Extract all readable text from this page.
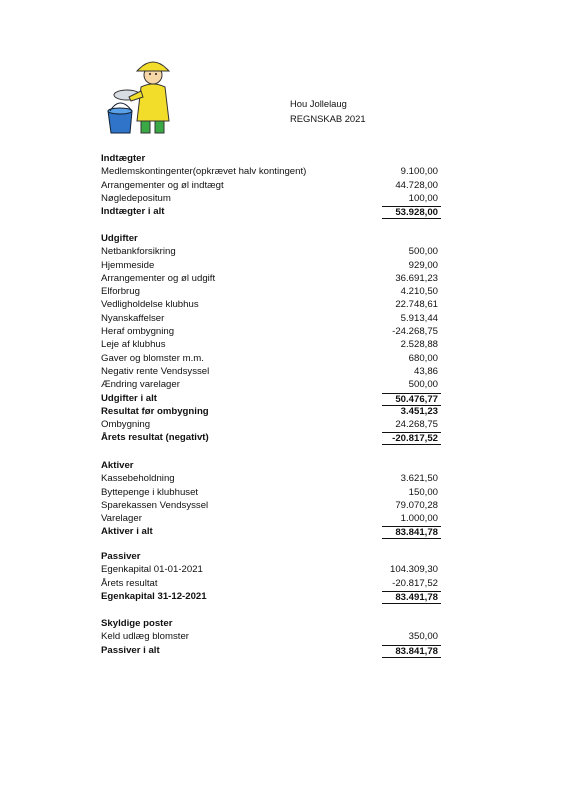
Hou Jollelaug
REGNSKAB 2021
Indtægter
Medlemskontingenter(opkrævet halv kontingent)	9.100,00
Arrangementer og øl indtægt	44.728,00
Nøgledepositum	100,00
Indtægter i alt	53.928,00
Udgifter
Netbankforsikring	500,00
Hjemmeside	929,00
Arrangementer og øl udgift	36.691,23
Elforbrug	4.210,50
Vedligholdelse klubhus	22.748,61
Nyanskaffelser	5.913,44
Heraf ombygning	-24.268,75
Leje af klubhus	2.528,88
Gaver og blomster m.m.	680,00
Negativ rente Vendsyssel	43,86
Ændring varelager	500,00
Udgifter i alt	50.476,77
Resultat før ombygning	3.451,23
Ombygning	24.268,75
Årets resultat (negativt)	-20.817,52
Aktiver
Kassebeholdning	3.621,50
Byttepenge i klubhuset	150,00
Sparekassen Vendsyssel	79.070,28
Varelager	1.000,00
Aktiver i alt	83.841,78
Passiver
Egenkapital 01-01-2021	104.309,30
Årets resultat	-20.817,52
Egenkapital 31-12-2021	83.491,78
Skyldige poster
Keld udlæg blomster	350,00
Passiver i alt	83.841,78
